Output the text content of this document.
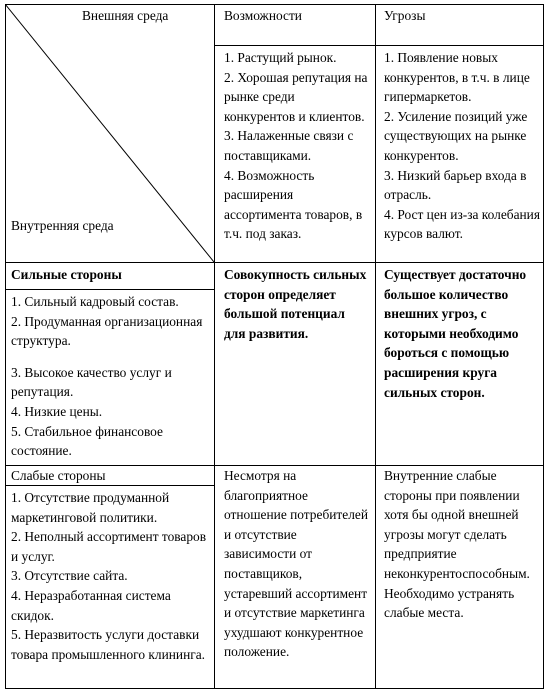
Внешняя среда
Внутренняя среда
Возможности	Угрозы

1. Растущий рынок.

2. Хорошая репутация на рынке среди конкурентов и клиентов.

3. Налаженные связи с поставщиками.

4. Возможность расширения ассортимента товаров, в т.ч. под заказ.

1. Появление новых конкурентов, в т.ч. в лице гипермаркетов.

2. Усиление позиций уже существующих на рынке конкурентов.

3. Низкий барьер входа в отрасль.

4. Рост цен из-за колебания курсов валют.

Сильные стороны

1. Сильный кадровый состав.

2. Продуманная организационная структура.

3. Высокое качество услуг и репутация.

4. Низкие цены.

5. Стабильное финансовое состояние.

Совокупность сильных сторон определяет большой потенциал для развития.
Существует достаточно большое количество внешних угроз, с которыми необходимо бороться с помощью расширения круга сильных сторон.
Слабые стороны

1. Отсутствие продуманной маркетинговой политики.

2. Неполный ассортимент товаров и услуг.

3. Отсутствие сайта.

4. Неразработанная система скидок.

5. Неразвитость услуги доставки товара промышленного клининга.

Несмотря на благоприятное отношение потребителей и отсутствие зависимости от поставщиков, устаревший ассортимент и отсутствие маркетинга ухудшают конкурентное положение.
Внутренние слабые стороны при появлении хотя бы одной внешней угрозы могут сделать предприятие неконкурентоспособным. Необходимо устранять слабые места.
